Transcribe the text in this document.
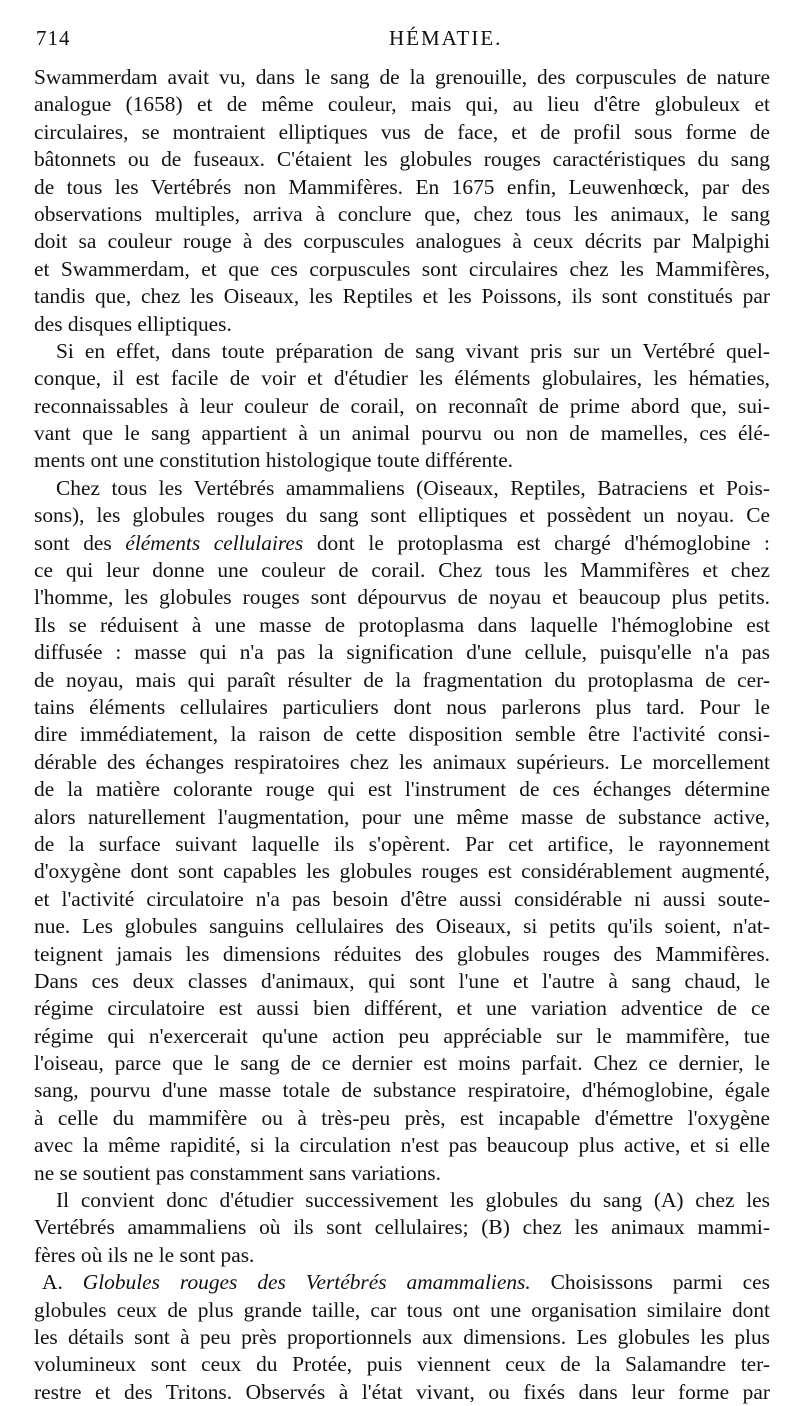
714	HÉMATIE.
Swammerdam avait vu, dans le sang de la grenouille, des corpuscules de nature
analogue (1658) et de même couleur, mais qui, au lieu d'être globuleux et
circulaires, se montraient elliptiques vus de face, et de profil sous forme de
bâtonnets ou de fuseaux. C'étaient les globules rouges caractéristiques du sang
de tous les Vertébrés non Mammifères. En 1675 enfin, Leuwenhœck, par des
observations multiples, arriva à conclure que, chez tous les animaux, le sang
doit sa couleur rouge à des corpuscules analogues à ceux décrits par Malpighi
et Swammerdam, et que ces corpuscules sont circulaires chez les Mammifères,
tandis que, chez les Oiseaux, les Reptiles et les Poissons, ils sont constitués par
des disques elliptiques.
Si en effet, dans toute préparation de sang vivant pris sur un Vertébré quel-
conque, il est facile de voir et d'étudier les éléments globulaires, les hématies,
reconnaissables à leur couleur de corail, on reconnaît de prime abord que, sui-
vant que le sang appartient à un animal pourvu ou non de mamelles, ces élé-
ments ont une constitution histologique toute différente.
Chez tous les Vertébrés amammaliens (Oiseaux, Reptiles, Batraciens et Pois-
sons), les globules rouges du sang sont elliptiques et possèdent un noyau. Ce
sont des éléments cellulaires dont le protoplasma est chargé d'hémoglobine :
ce qui leur donne une couleur de corail. Chez tous les Mammifères et chez
l'homme, les globules rouges sont dépourvus de noyau et beaucoup plus petits.
Ils se réduisent à une masse de protoplasma dans laquelle l'hémoglobine est
diffusée : masse qui n'a pas la signification d'une cellule, puisqu'elle n'a pas
de noyau, mais qui paraît résulter de la fragmentation du protoplasma de cer-
tains éléments cellulaires particuliers dont nous parlerons plus tard. Pour le
dire immédiatement, la raison de cette disposition semble être l'activité consi-
dérable des échanges respiratoires chez les animaux supérieurs. Le morcellement
de la matière colorante rouge qui est l'instrument de ces échanges détermine
alors naturellement l'augmentation, pour une même masse de substance active,
de la surface suivant laquelle ils s'opèrent. Par cet artifice, le rayonnement
d'oxygène dont sont capables les globules rouges est considérablement augmenté,
et l'activité circulatoire n'a pas besoin d'être aussi considérable ni aussi soute-
nue. Les globules sanguins cellulaires des Oiseaux, si petits qu'ils soient, n'at-
teignent jamais les dimensions réduites des globules rouges des Mammifères.
Dans ces deux classes d'animaux, qui sont l'une et l'autre à sang chaud, le
régime circulatoire est aussi bien différent, et une variation adventice de ce
régime qui n'exercerait qu'une action peu appréciable sur le mammifère, tue
l'oiseau, parce que le sang de ce dernier est moins parfait. Chez ce dernier, le
sang, pourvu d'une masse totale de substance respiratoire, d'hémoglobine, égale
à celle du mammifère ou à très-peu près, est incapable d'émettre l'oxygène
avec la même rapidité, si la circulation n'est pas beaucoup plus active, et si elle
ne se soutient pas constamment sans variations.
Il convient donc d'étudier successivement les globules du sang (A) chez les
Vertébrés amammaliens où ils sont cellulaires; (B) chez les animaux mammi-
fères où ils ne le sont pas.
A. Globules rouges des Vertébrés amammaliens. Choisissons parmi ces
globules ceux de plus grande taille, car tous ont une organisation similaire dont
les détails sont à peu près proportionnels aux dimensions. Les globules les plus
volumineux sont ceux du Protée, puis viennent ceux de la Salamandre ter-
restre et des Tritons. Observés à l'état vivant, ou fixés dans leur forme par
